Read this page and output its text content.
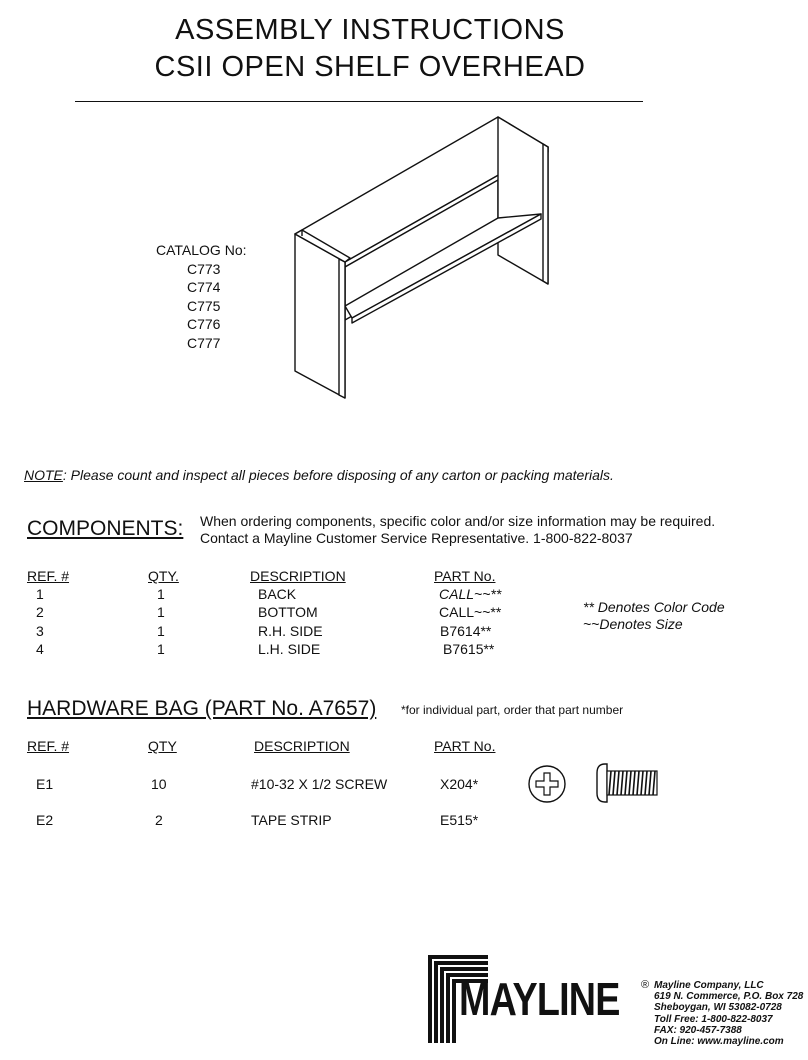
ASSEMBLY INSTRUCTIONS
CSII OPEN SHELF OVERHEAD
CATALOG No:
C773
C774
C775
C776
C777
NOTE: Please count and inspect all pieces before disposing of any carton or packing materials.
COMPONENTS: When ordering components, specific color and/or size information may be required.
Contact a Mayline Customer Service Representative. 1-800-822-8037
REF. #	QTY.	DESCRIPTION	PART No.
1	1	BACK	CALL~~**
2	1	BOTTOM	CALL~~**
3	1	R.H. SIDE	B7614**
4	1	L.H. SIDE	B7615**
** Denotes Color Code
~~Denotes Size
HARDWARE BAG (PART No. A7657) *for individual part, order that part number
REF. #	QTY	DESCRIPTION	PART No.
E1	10	#10-32 X 1/2 SCREW	X204*
E2	2	TAPE STRIP	E515*
MAYLINE ® Mayline Company, LLC
619 N. Commerce, P.O. Box 728
Sheboygan, WI 53082-0728
Toll Free: 1-800-822-8037
FAX: 920-457-7388
On Line: www.mayline.com
